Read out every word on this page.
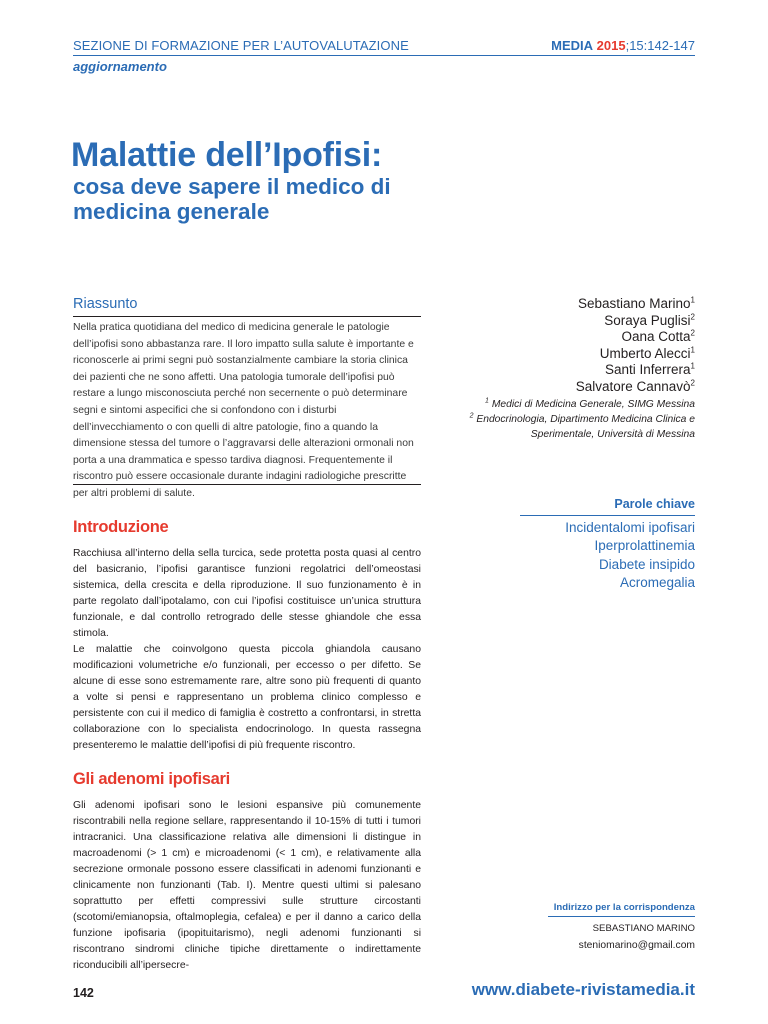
SEZIONE DI FORMAZIONE PER L’AUTOVALUTAZIONE	MEDIA 2015;15:142-147
aggiornamento
Malattie dell’Ipofisi:
cosa deve sapere il medico di medicina generale
Riassunto
Nella pratica quotidiana del medico di medicina generale le patologie dell’ipofisi sono abbastanza rare. Il loro impatto sulla salute è importante e riconoscerle ai primi segni può sostanzialmente cambiare la storia clinica dei pazienti che ne sono affetti. Una patologia tumorale dell’ipofisi può restare a lungo misconosciuta perché non secernente o può determinare segni e sintomi aspecifici che si confondono con i disturbi dell’invecchiamento o con quelli di altre patologie, fino a quando la dimensione stessa del tumore o l’aggravarsi delle alterazioni ormonali non porta a una drammatica e spesso tardiva diagnosi. Frequentemente il riscontro può essere occasionale durante indagini radiologiche prescritte per altri problemi di salute.
Introduzione

Racchiusa all’interno della sella turcica, sede protetta posta quasi al centro del basicranio, l’ipofisi garantisce funzioni regolatrici dell’omeostasi sistemica, della crescita e della riproduzione. Il suo funzionamento è in parte regolato dall’ipotalamo, con cui l’ipofisi costituisce un’unica struttura funzionale, e dal controllo retrogrado delle stesse ghiandole che essa stimola.

Le malattie che coinvolgono questa piccola ghiandola causano modificazioni volumetriche e/o funzionali, per eccesso o per difetto. Se alcune di esse sono estremamente rare, altre sono più frequenti di quanto a volte si pensi e rappresentano un problema clinico complesso e persistente con cui il medico di famiglia è costretto a confrontarsi, in stretta collaborazione con lo specialista endocrinologo. In questa rassegna presenteremo le malattie dell’ipofisi di più frequente riscontro.

Gli adenomi ipofisari

Gli adenomi ipofisari sono le lesioni espansive più comunemente riscontrabili nella regione sellare, rappresentando il 10-15% di tutti i tumori intracranici. Una classificazione relativa alle dimensioni li distingue in macroadenomi (> 1 cm) e microadenomi (< 1 cm), e relativamente alla secrezione ormonale possono essere classificati in adenomi funzionanti e clinicamente non funzionanti (Tab. I). Mentre questi ultimi si palesano soprattutto per effetti compressivi sulle strutture circostanti (scotomi/emianopsia, oftalmoplegia, cefalea) e per il danno a carico della funzione ipofisaria (ipopituitarismo), negli adenomi funzionanti si riscontrano sindromi cliniche tipiche direttamente o indirettamente riconducibili all’ipersecre-

Sebastiano Marino$^1$
Soraya Puglisi$^2$
Oana Cotta$^2$
Umberto Alecci$^1$
Santi Inferrera$^1$
Salvatore Cannavò$^2$
$^1$ Medici di Medicina Generale, SIMG Messina
$^2$ Endocrinologia, Dipartimento Medicina Clinica e Sperimentale, Università di Messina
Parole chiave
Incidentalomi ipofisari
Iperprolattinemia
Diabete insipido
Acromegalia
Indirizzo per la corrispondenza
SEBASTIANO MARINO
steniomarino@gmail.com
142	www.diabete-rivistamedia.it
